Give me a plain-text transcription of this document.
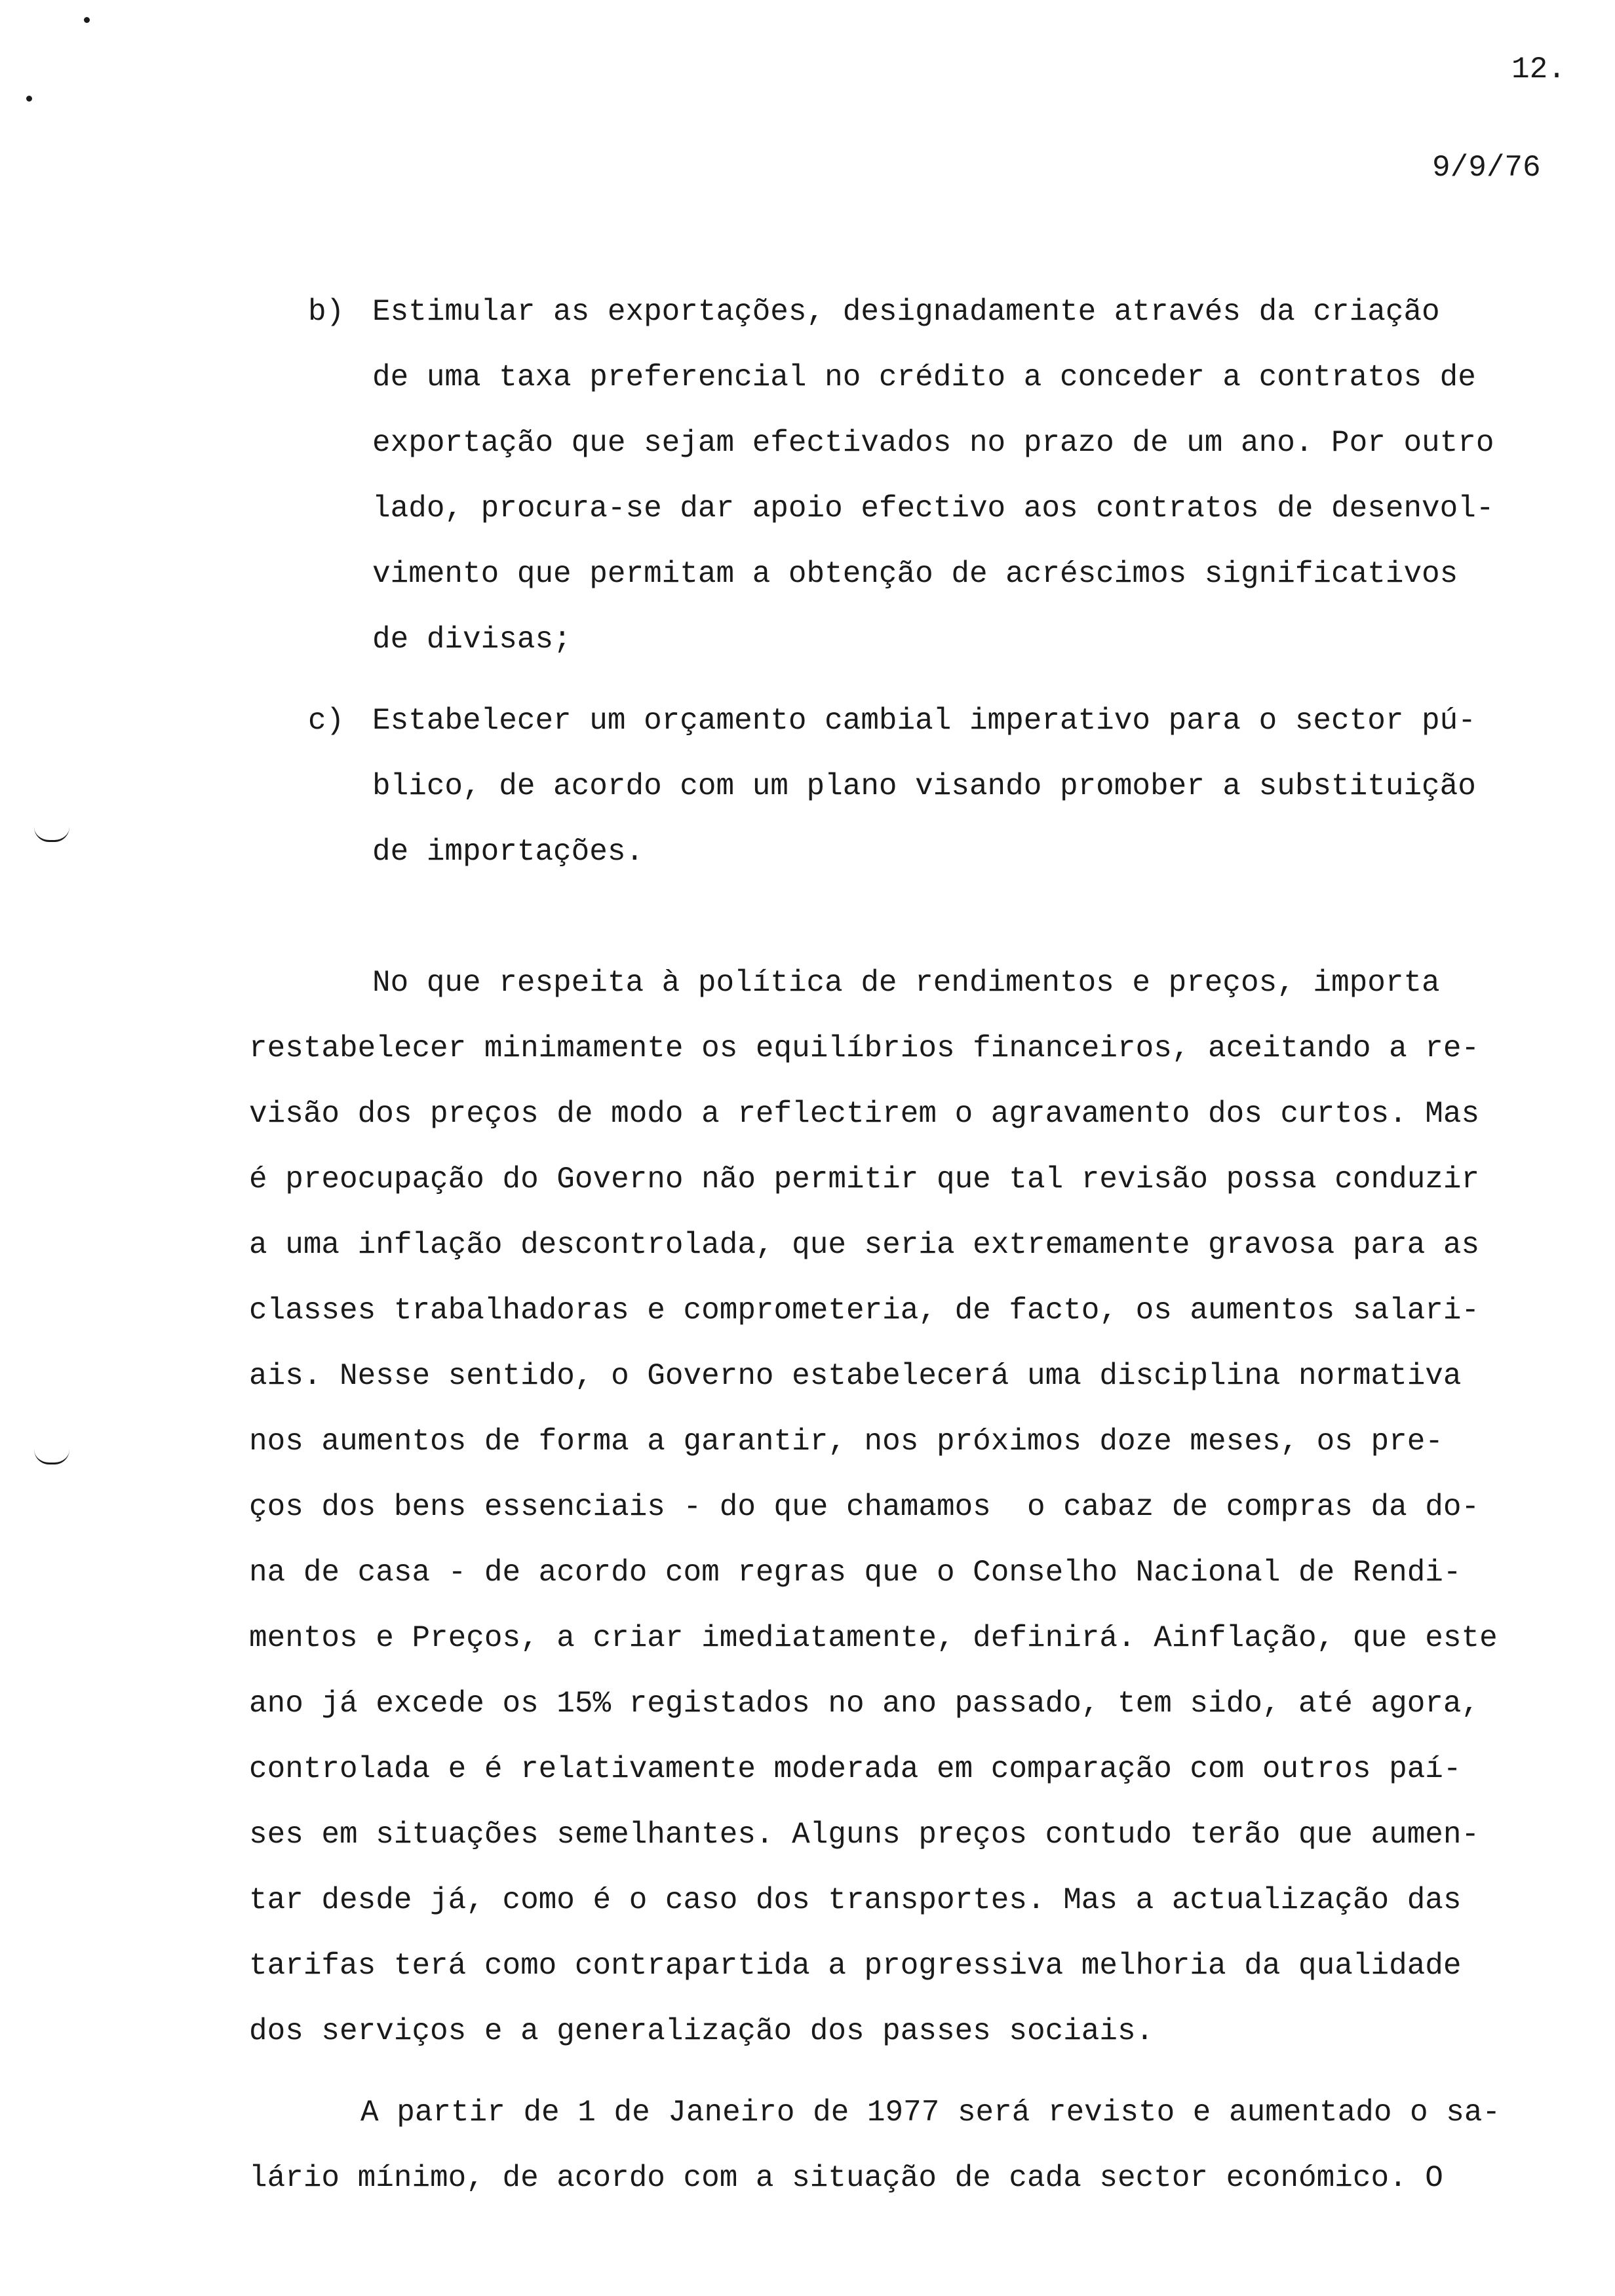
12.
9/9/76
b) Estimular as exportações, designadamente através da criação
de uma taxa preferencial no crédito a conceder a contratos de
exportação que sejam efectivados no prazo de um ano. Por outro
lado, procura-se dar apoio efectivo aos contratos de desenvol-
vimento que permitam a obtenção de acréscimos significativos
de divisas;
c) Estabelecer um orçamento cambial imperativo para o sector pú-
blico, de acordo com um plano visando promober a substituição
de importações.
No que respeita à política de rendimentos e preços, importa
restabelecer minimamente os equilíbrios financeiros, aceitando a re-
visão dos preços de modo a reflectirem o agravamento dos curtos. Mas
é preocupação do Governo não permitir que tal revisão possa conduzir
a uma inflação descontrolada, que seria extremamente gravosa para as
classes trabalhadoras e comprometeria, de facto, os aumentos salari-
ais. Nesse sentido, o Governo estabelecerá uma disciplina normativa
nos aumentos de forma a garantir, nos próximos doze meses, os pre-
ços dos bens essenciais - do que chamamos  o cabaz de compras da do-
na de casa - de acordo com regras que o Conselho Nacional de Rendi-
mentos e Preços, a criar imediatamente, definirá. Ainflação, que este
ano já excede os 15% registados no ano passado, tem sido, até agora,
controlada e é relativamente moderada em comparação com outros paí-
ses em situações semelhantes. Alguns preços contudo terão que aumen-
tar desde já, como é o caso dos transportes. Mas a actualização das
tarifas terá como contrapartida a progressiva melhoria da qualidade
dos serviços e a generalização dos passes sociais.
A partir de 1 de Janeiro de 1977 será revisto e aumentado o sa-
lário mínimo, de acordo com a situação de cada sector económico. O
